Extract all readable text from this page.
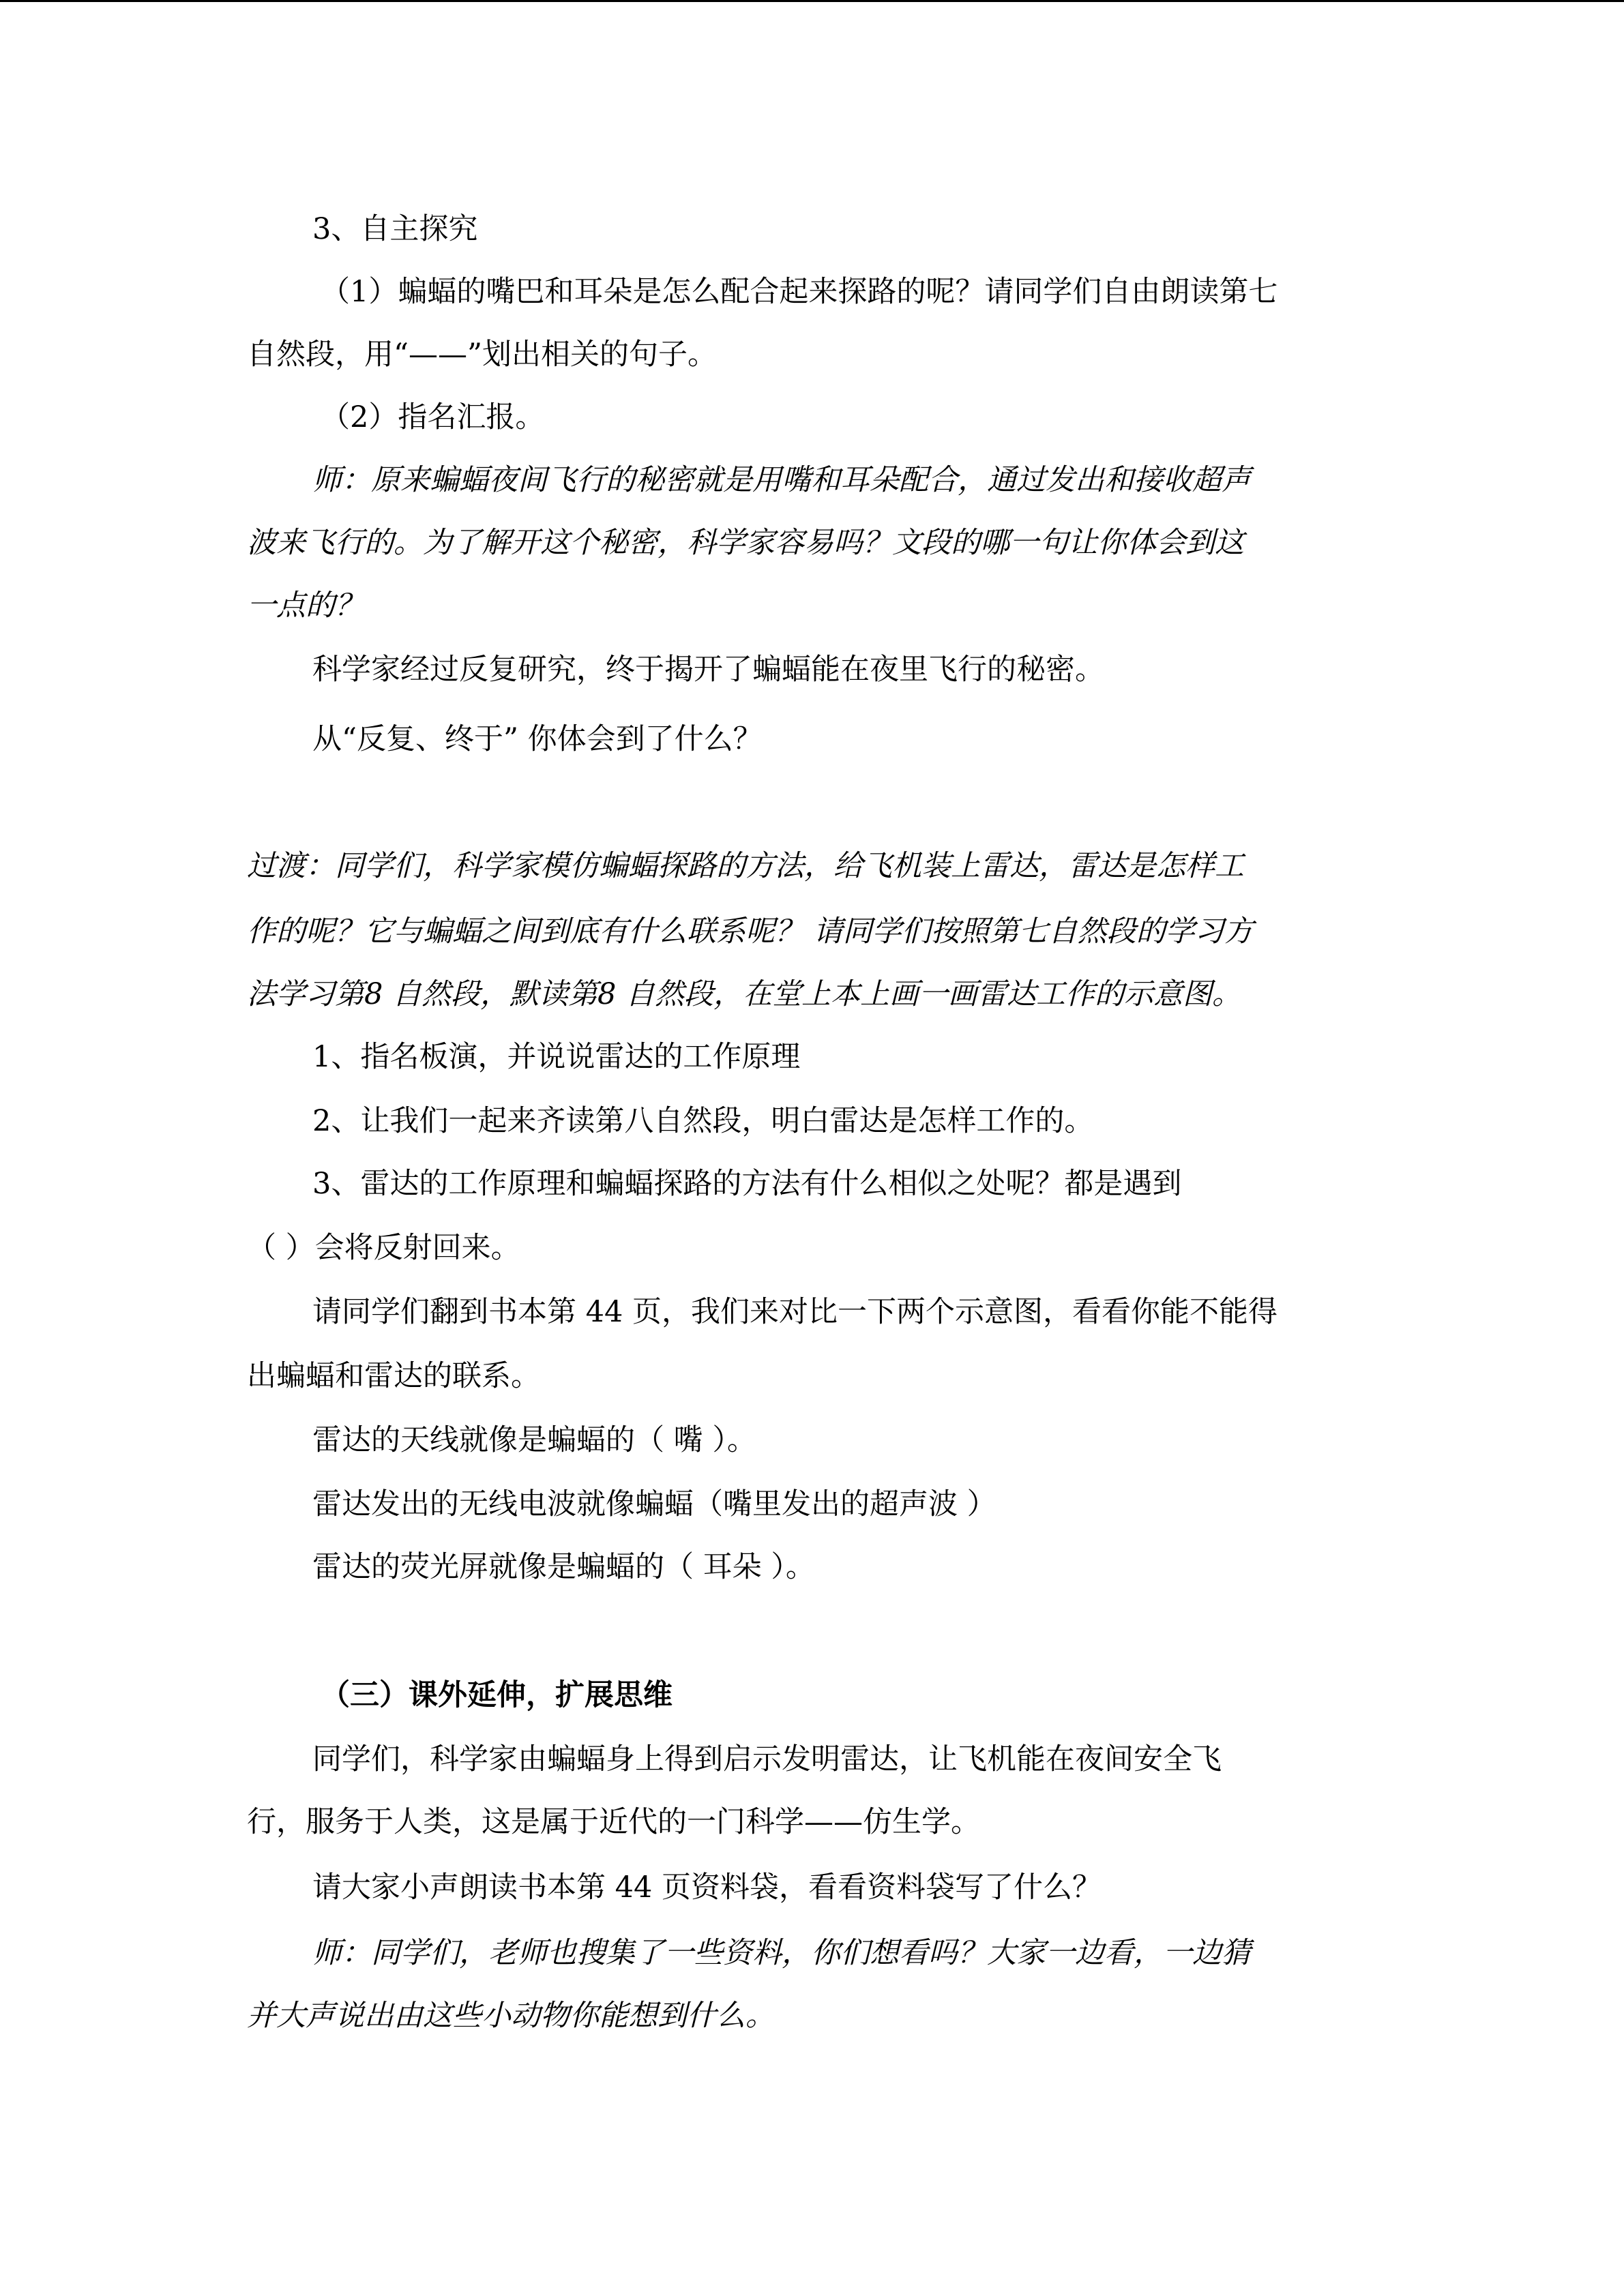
3、自主探究
（1）蝙蝠的嘴巴和耳朵是怎么配合起来探路的呢？请同学们自由朗读第七
自然段，用“——”划出相关的句子。
（2）指名汇报。
师：原来蝙蝠夜间飞行的秘密就是用嘴和耳朵配合，通过发出和接收超声
波来飞行的。为了解开这个秘密，科学家容易吗？文段的哪一句让你体会到这
一点的？
科学家经过反复研究，终于揭开了蝙蝠能在夜里飞行的秘密。
从“反复、终于” 你体会到了什么？
过渡：同学们，科学家模仿蝙蝠探路的方法，给飞机装上雷达，雷达是怎样工
作的呢？它与蝙蝠之间到底有什么联系呢？ 请同学们按照第七自然段的学习方
法学习第8 自然段，默读第8 自然段，在堂上本上画一画雷达工作的示意图。
1、指名板演，并说说雷达的工作原理
2、让我们一起来齐读第八自然段，明白雷达是怎样工作的。
3、雷达的工作原理和蝙蝠探路的方法有什么相似之处呢？都是遇到
（ ）会将反射回来。
请同学们翻到书本第 44 页，我们来对比一下两个示意图，看看你能不能得
出蝙蝠和雷达的联系。
雷达的天线就像是蝙蝠的（ 嘴 ）。
雷达发出的无线电波就像蝙蝠（嘴里发出的超声波 ）
雷达的荧光屏就像是蝙蝠的（ 耳朵 ）。
（三）课外延伸，扩展思维
同学们，科学家由蝙蝠身上得到启示发明雷达，让飞机能在夜间安全飞
行，服务于人类，这是属于近代的一门科学——仿生学。
请大家小声朗读书本第 44 页资料袋，看看资料袋写了什么？
师：同学们，老师也搜集了一些资料，你们想看吗？大家一边看，一边猜
并大声说出由这些小动物你能想到什么。
